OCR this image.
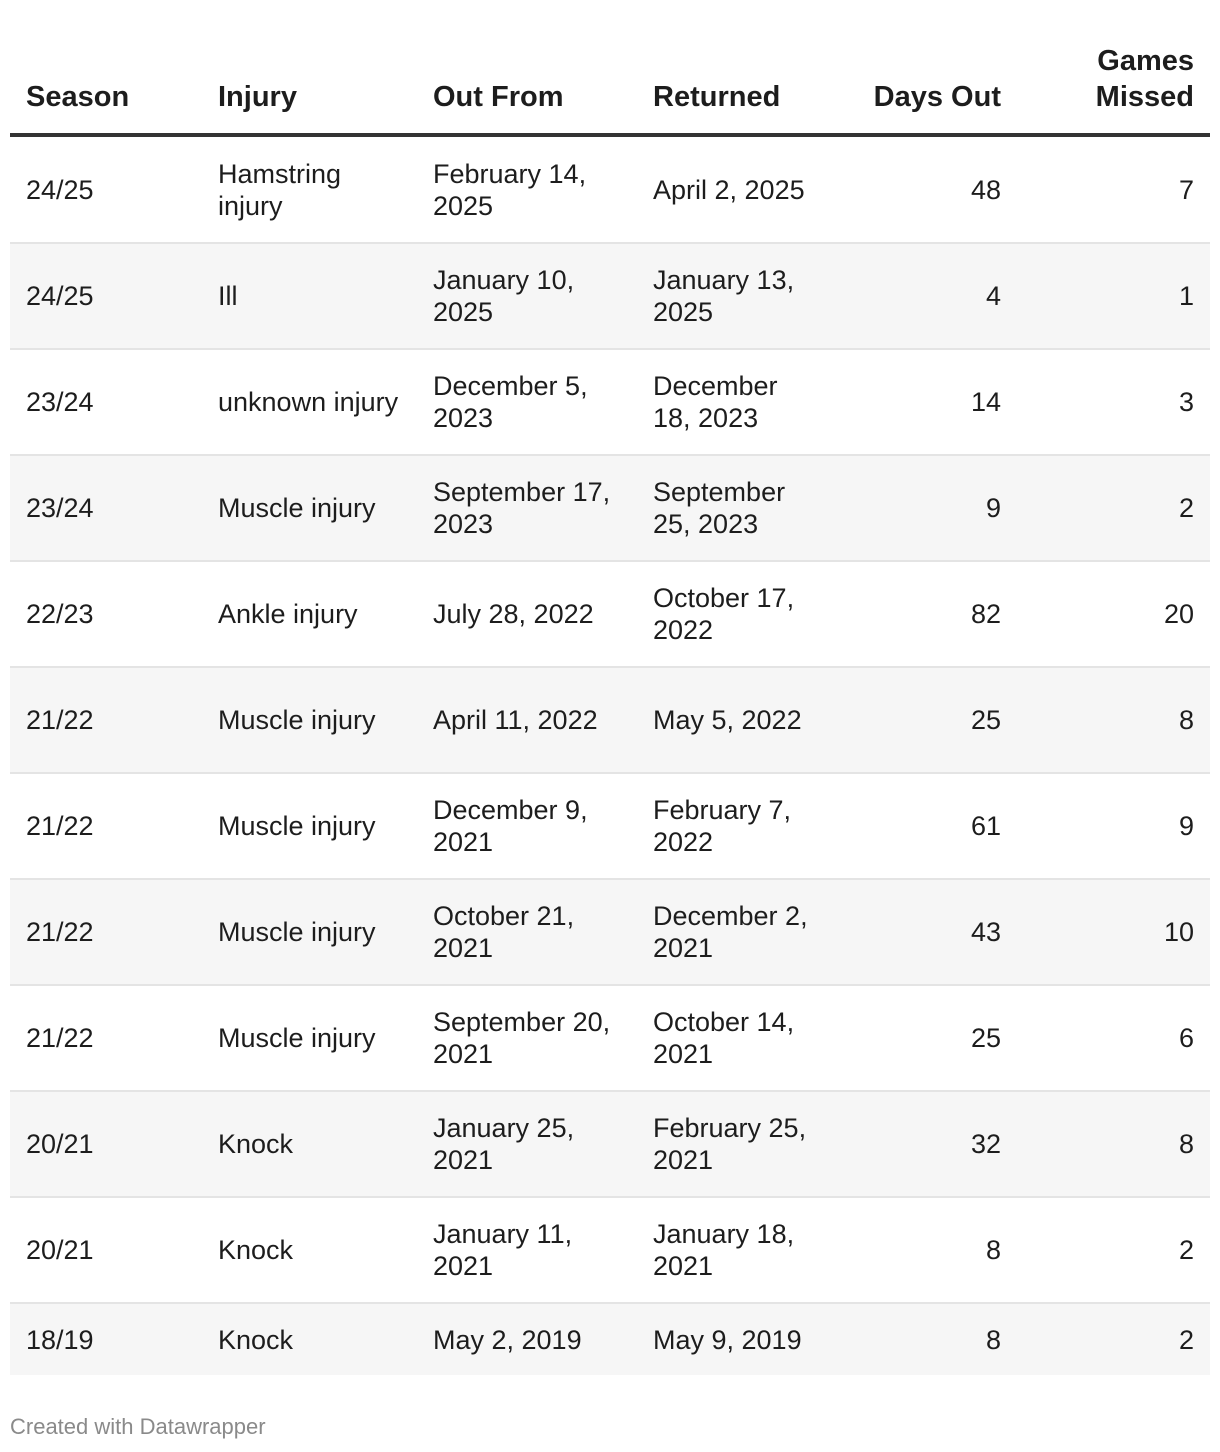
Season	Injury	Out From	Returned	Days Out	Games Missed
24/25	Hamstring injury	February 14, 2025	April 2, 2025	48	7
24/25	Ill	January 10, 2025	January 13, 2025	4	1
23/24	unknown injury	December 5, 2023	December 18, 2023	14	3
23/24	Muscle injury	September 17, 2023	September 25, 2023	9	2
22/23	Ankle injury	July 28, 2022	October 17, 2022	82	20
21/22	Muscle injury	April 11, 2022	May 5, 2022	25	8
21/22	Muscle injury	December 9, 2021	February 7, 2022	61	9
21/22	Muscle injury	October 21, 2021	December 2, 2021	43	10
21/22	Muscle injury	September 20, 2021	October 14, 2021	25	6
20/21	Knock	January 25, 2021	February 25, 2021	32	8
20/21	Knock	January 11, 2021	January 18, 2021	8	2
18/19	Knock	May 2, 2019	May 9, 2019	8	2
Created with Datawrapper
